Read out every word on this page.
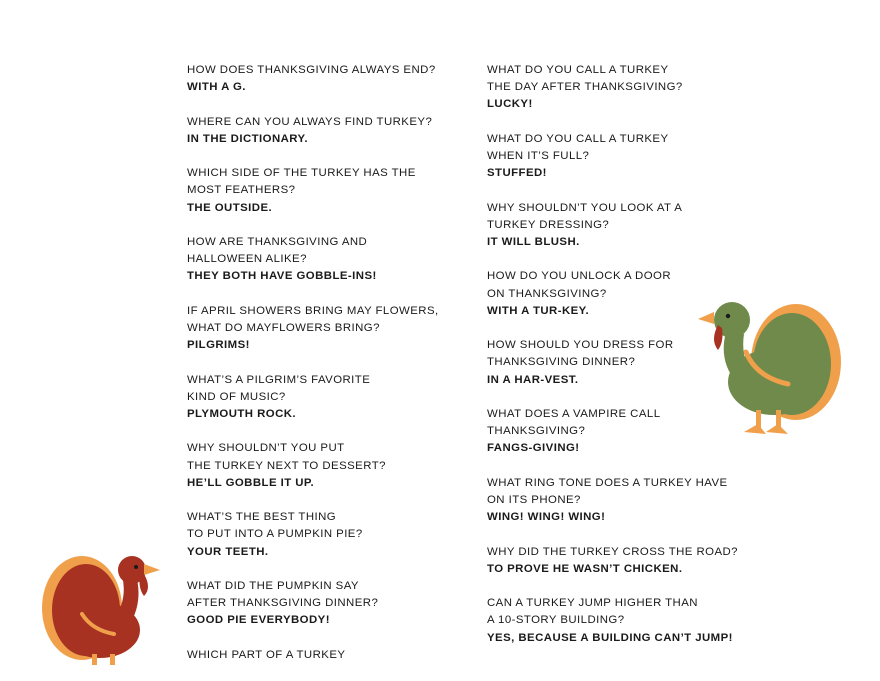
HOW DOES THANKSGIVING ALWAYS END?
WITH A G.
WHERE CAN YOU ALWAYS FIND TURKEY?
IN THE DICTIONARY.
WHICH SIDE OF THE TURKEY HAS THE
MOST FEATHERS?
THE OUTSIDE.
HOW ARE THANKSGIVING AND
HALLOWEEN ALIKE?
THEY BOTH HAVE GOBBLE-INS!
IF APRIL SHOWERS BRING MAY FLOWERS,
WHAT DO MAYFLOWERS BRING?
PILGRIMS!
WHAT’S A PILGRIM’S FAVORITE
KIND OF MUSIC?
PLYMOUTH ROCK.
WHY SHOULDN’T YOU PUT
THE TURKEY NEXT TO DESSERT?
HE’LL GOBBLE IT UP.
WHAT’S THE BEST THING
TO PUT INTO A PUMPKIN PIE?
YOUR TEETH.
WHAT DID THE PUMPKIN SAY
AFTER THANKSGIVING DINNER?
GOOD PIE EVERYBODY!
WHICH PART OF A TURKEY
WHAT DO YOU CALL A TURKEY
THE DAY AFTER THANKSGIVING?
LUCKY!
WHAT DO YOU CALL A TURKEY
WHEN IT’S FULL?
STUFFED!
WHY SHOULDN’T YOU LOOK AT A
TURKEY DRESSING?
IT WILL BLUSH.
HOW DO YOU UNLOCK A DOOR
ON THANKSGIVING?
WITH A TUR-KEY.
HOW SHOULD YOU DRESS FOR
THANKSGIVING DINNER?
IN A HAR-VEST.
WHAT DOES A VAMPIRE CALL
THANKSGIVING?
FANGS-GIVING!
WHAT RING TONE DOES A TURKEY HAVE
ON ITS PHONE?
WING! WING! WING!
WHY DID THE TURKEY CROSS THE ROAD?
TO PROVE HE WASN’T CHICKEN.
CAN A TURKEY JUMP HIGHER THAN
A 10-STORY BUILDING?
YES, BECAUSE A BUILDING CAN’T JUMP!
